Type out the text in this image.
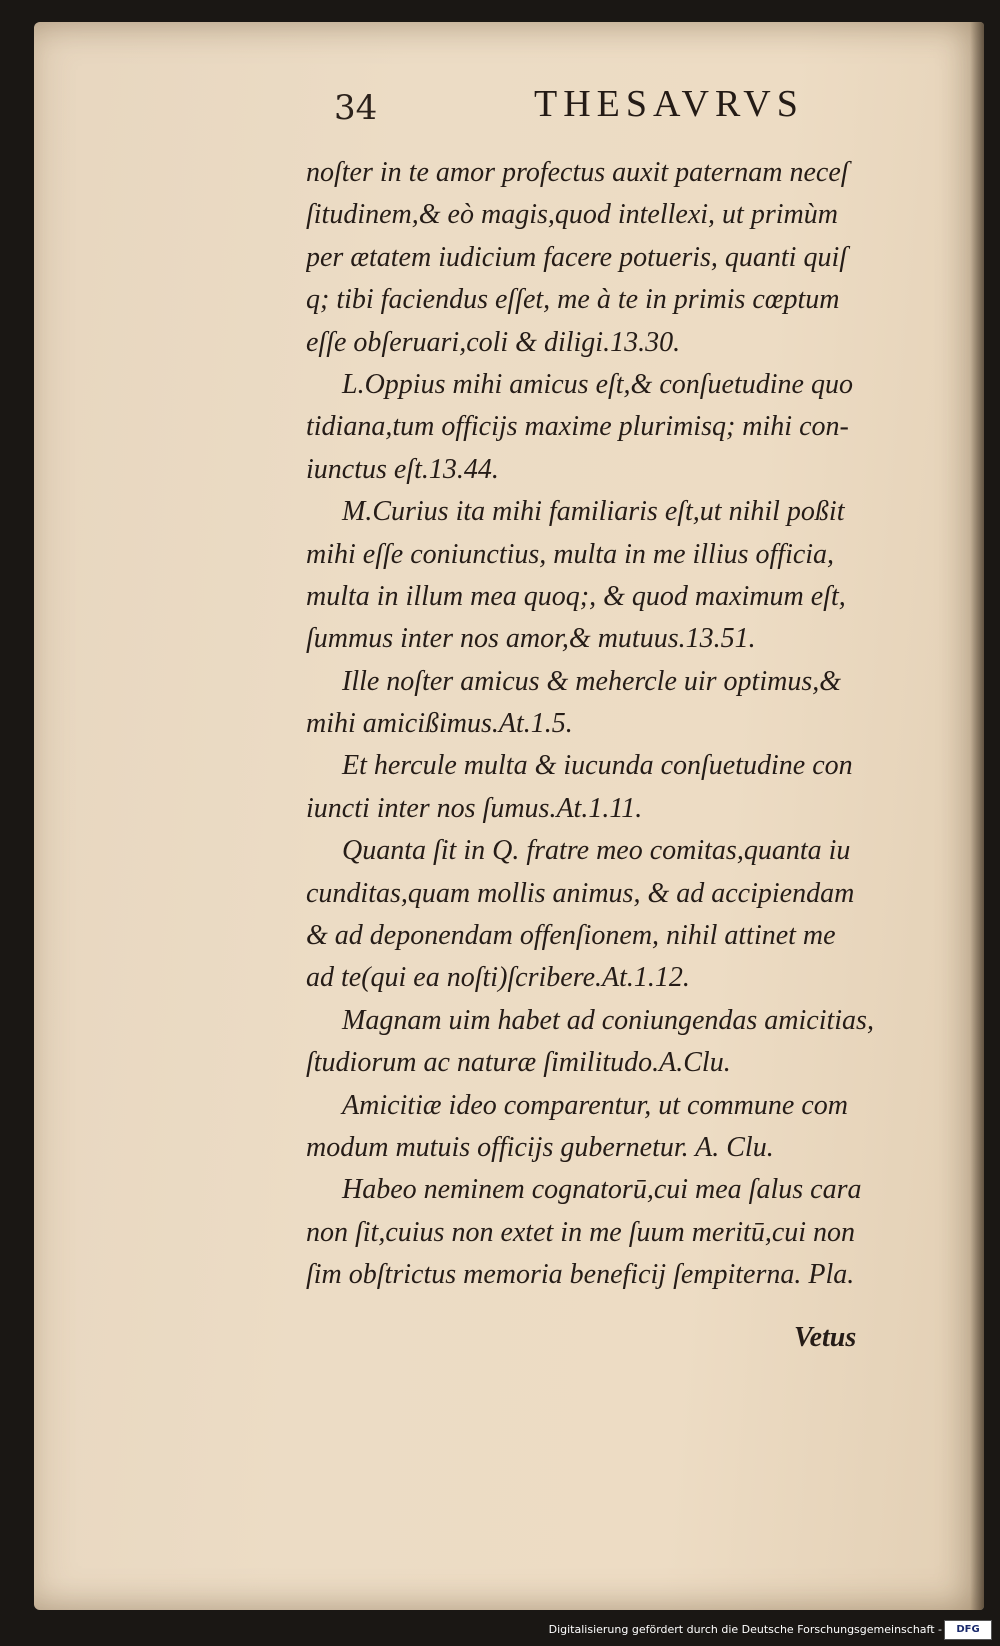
34	THESAVRVS
noſter in te amor profectus auxit paternam neceſ
ſitudinem,& eò magis,quod intellexi, ut primùm
per ætatem iudicium facere potueris, quanti quiſ
q; tibi faciendus eſſet, me à te in primis cœptum
eſſe obſeruari,coli & diligi.13.30.
L.Oppius mihi amicus eſt,& conſuetudine quo
tidiana,tum officijs maxime plurimisq; mihi con-
iunctus eſt.13.44.
M.Curius ita mihi familiaris eſt,ut nihil poßit
mihi eſſe coniunctius, multa in me illius officia,
multa in illum mea quoq;, & quod maximum eſt,
ſummus inter nos amor,& mutuus.13.51.
Ille noſter amicus & mehercle uir optimus,&
mihi amicißimus.At.1.5.
Et hercule multa & iucunda conſuetudine con
iuncti inter nos ſumus.At.1.11.
Quanta ſit in Q. fratre meo comitas,quanta iu
cunditas,quam mollis animus, & ad accipiendam
& ad deponendam offenſionem, nihil attinet me
ad te(qui ea noſti)ſcribere.At.1.12.
Magnam uim habet ad coniungendas amicitias,
ſtudiorum ac naturæ ſimilitudo.A.Clu.
Amicitiæ ideo comparentur, ut commune com
modum mutuis officijs gubernetur. A. Clu.
Habeo neminem cognatorū,cui mea ſalus cara
non ſit,cuius non extet in me ſuum meritū,cui non
ſim obſtrictus memoria beneficij ſempiterna. Pla.
Vetus
Digitalisierung gefördert durch die Deutsche Forschungsgemeinschaft -	DFG
